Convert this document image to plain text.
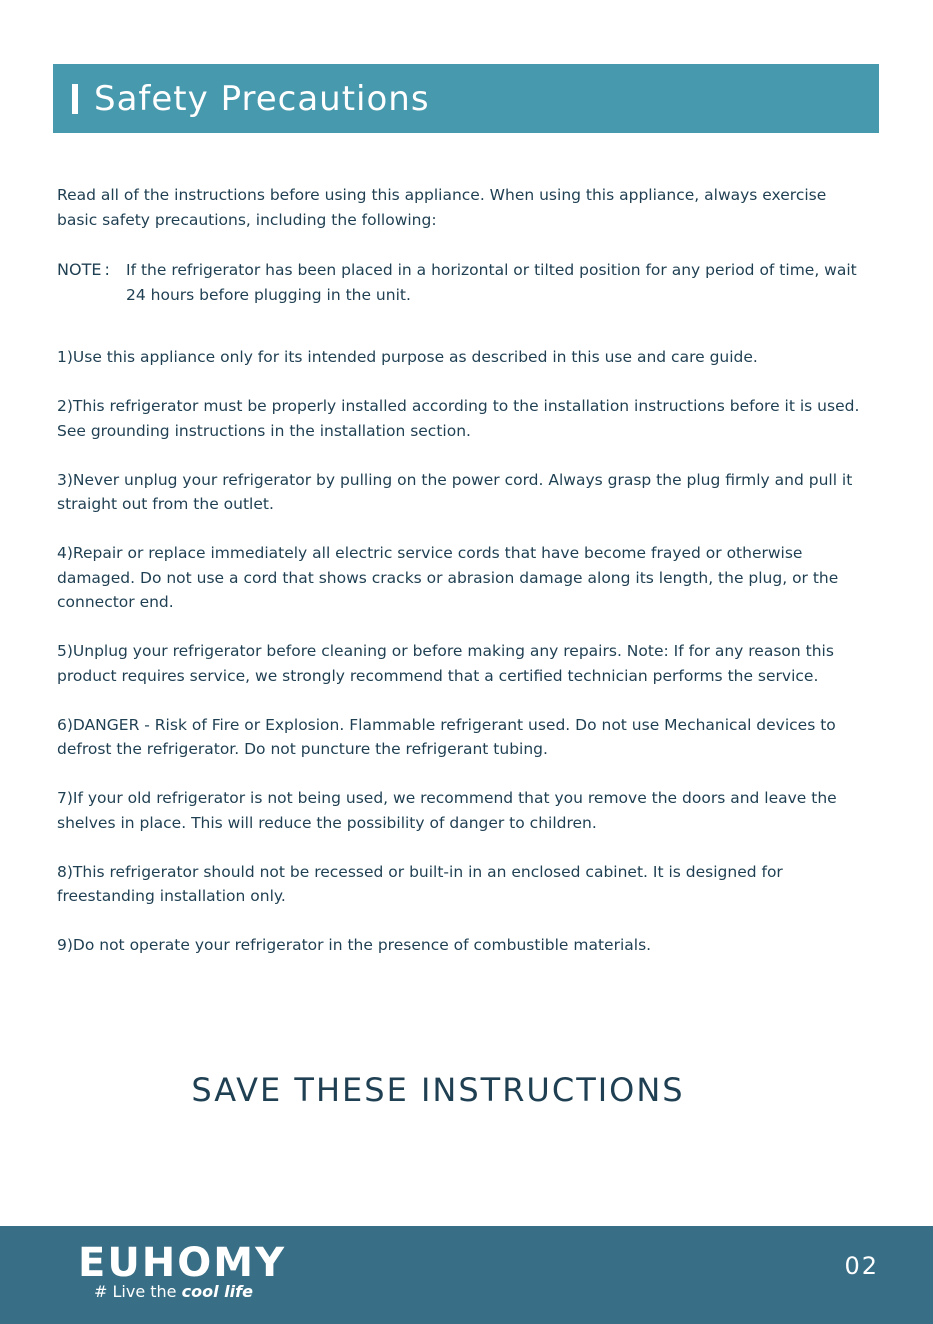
Safety Precautions

Read all of the instructions before using this appliance. When using this appliance, always exercise basic safety precautions, including the following:

NOTE :	If the refrigerator has been placed in a horizontal or tilted position for any period of time, wait 24 hours before plugging in the unit.

1)Use this appliance only for its intended purpose as described in this use and care guide.

2)This refrigerator must be properly installed according to the installation instructions before it is used. See grounding instructions in the installation section.

3)Never unplug your refrigerator by pulling on the power cord. Always grasp the plug firmly and pull it straight out from the outlet.

4)Repair or replace immediately all electric service cords that have become frayed or otherwise damaged. Do not use a cord that shows cracks or abrasion damage along its length, the plug, or the connector end.

5)Unplug your refrigerator before cleaning or before making any repairs. Note: If for any reason this product requires service, we strongly recommend that a certified technician performs the service.

6)DANGER - Risk of Fire or Explosion. Flammable refrigerant used. Do not use Mechanical devices to defrost the refrigerator. Do not puncture the refrigerant tubing.

7)If your old refrigerator is not being used, we recommend that you remove the doors and leave the shelves in place. This will reduce the possibility of danger to children.

8)This refrigerator should not be recessed or built-in in an enclosed cabinet. It is designed for freestanding installation only.

9)Do not operate your refrigerator in the presence of combustible materials.

SAVE THESE INSTRUCTIONS
EUHOMY
# Live the cool life
02
